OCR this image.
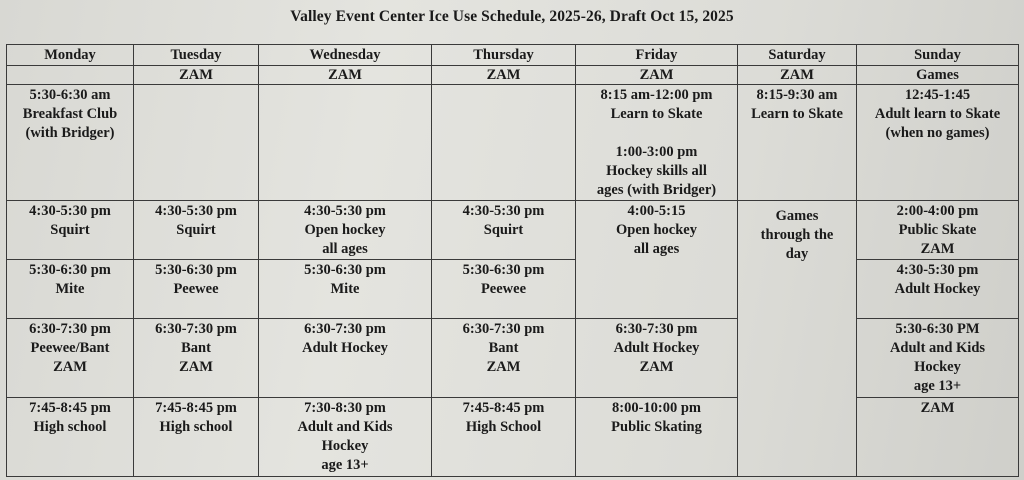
Valley Event Center Ice Use Schedule, 2025-26, Draft Oct 15, 2025
Monday	Tuesday	Wednesday	Thursday	Friday	Saturday	Sunday
	ZAM	ZAM	ZAM	ZAM	ZAM	Games

5:30-6:30 am
Breakfast Club
(with Bridger)				8:15 am-12:00 pm
Learn to Skate
1:00-3:00 pm
Hockey skills all
ages (with Bridger)	8:15-9:30 am
Learn to Skate	12:45-1:45
Adult learn to Skate
(when no games)

4:30-5:30 pm
Squirt	4:30-5:30 pm
Squirt	4:30-5:30 pm
Open hockey
all ages	4:30-5:30 pm
Squirt	4:00-5:15
Open hockey
all ages	Games
through the
day	2:00-4:00 pm
Public Skate
ZAM

5:30-6:30 pm
Mite	5:30-6:30 pm
Peewee	5:30-6:30 pm
Mite	5:30-6:30 pm
Peewee			4:30-5:30 pm
Adult Hockey

6:30-7:30 pm
Peewee/Bant
ZAM	6:30-7:30 pm
Bant
ZAM	6:30-7:30 pm
Adult Hockey	6:30-7:30 pm
Bant
ZAM	6:30-7:30 pm
Adult Hockey
ZAM		5:30-6:30 PM
Adult and Kids
Hockey
age 13+

7:45-8:45 pm
High school	7:45-8:45 pm
High school	7:30-8:30 pm
Adult and Kids
Hockey
age 13+	7:45-8:45 pm
High School	8:00-10:00 pm
Public Skating		ZAM
